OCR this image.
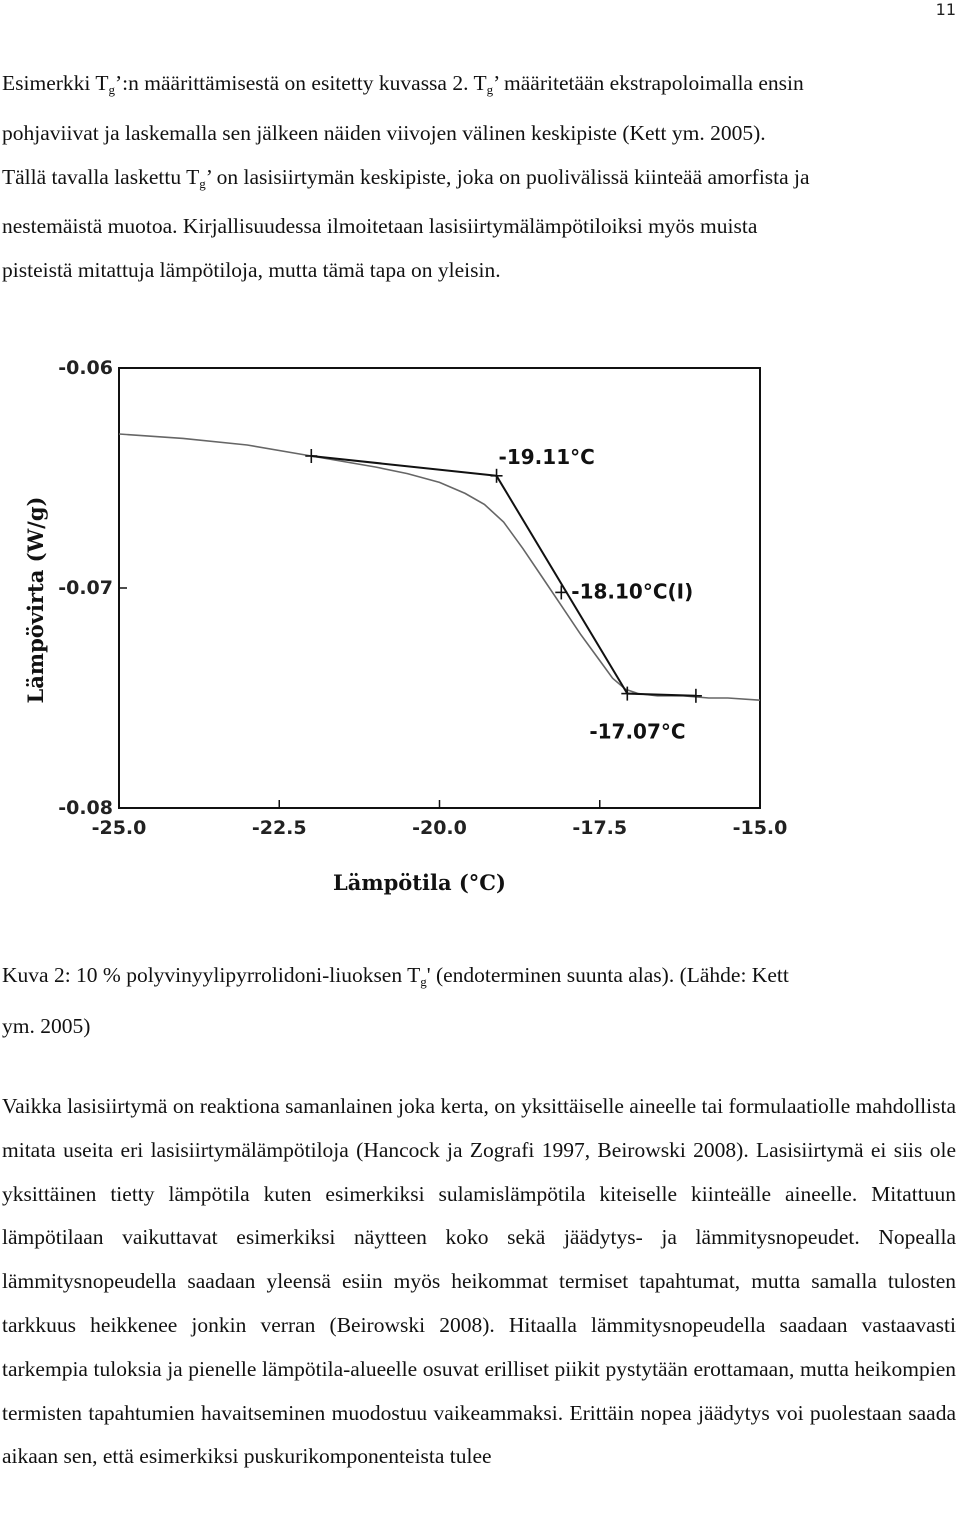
11
Esimerkki $T_g’:n$ määrittämisestä on esitetty kuvassa 2. $T_g$’ määritetään ekstrapoloimalla ensin
pohjaviivat ja laskemalla sen jälkeen näiden viivojen välinen keskipiste (Kett ym. 2005).
Tällä tavalla laskettu $T_g$’ on lasisiirtymän keskipiste, joka on puolivälissä kiinteää amorfista ja
nestemäistä muotoa. Kirjallisuudessa ilmoitetaan lasisiirtymälämpötiloiksi myös muista
pisteistä mitattuja lämpötiloja, mutta tämä tapa on yleisin.
-25.0	-22.5	-20.0	-17.5	-15.0
-0.06
-0.07
-0.08
-19.11°C
-18.10°C(I)
-17.07°C
Lämpötila (°C)
Lämpövirta (W/g)

Kuva 2: 10 % polyvinyylipyrrolidoni-liuoksen $T_g'$ (endoterminen suunta alas). (Lähde: Kett
ym. 2005)

Vaikka lasisiirtymä on reaktiona samanlainen joka kerta, on yksittäiselle aineelle tai formulaatiolle mahdollista mitata useita eri lasisiirtymälämpötiloja (Hancock ja Zografi 1997, Beirowski 2008). Lasisiirtymä ei siis ole yksittäinen tietty lämpötila kuten esimerkiksi sulamislämpötila kiteiselle kiinteälle aineelle. Mitattuun lämpötilaan vaikuttavat esimerkiksi näytteen koko sekä jäädytys- ja lämmitysnopeudet. Nopealla lämmitysnopeudella saadaan yleensä esiin myös heikommat termiset tapahtumat, mutta samalla tulosten tarkkuus heikkenee jonkin verran (Beirowski 2008). Hitaalla lämmitysnopeudella saadaan vastaavasti tarkempia tuloksia ja pienelle lämpötila-alueelle osuvat erilliset piikit pystytään erottamaan, mutta heikompien termisten tapahtumien havaitseminen muodostuu vaikeammaksi. Erittäin nopea jäädytys voi puolestaan saada aikaan sen, että esimerkiksi puskurikomponenteista tulee
